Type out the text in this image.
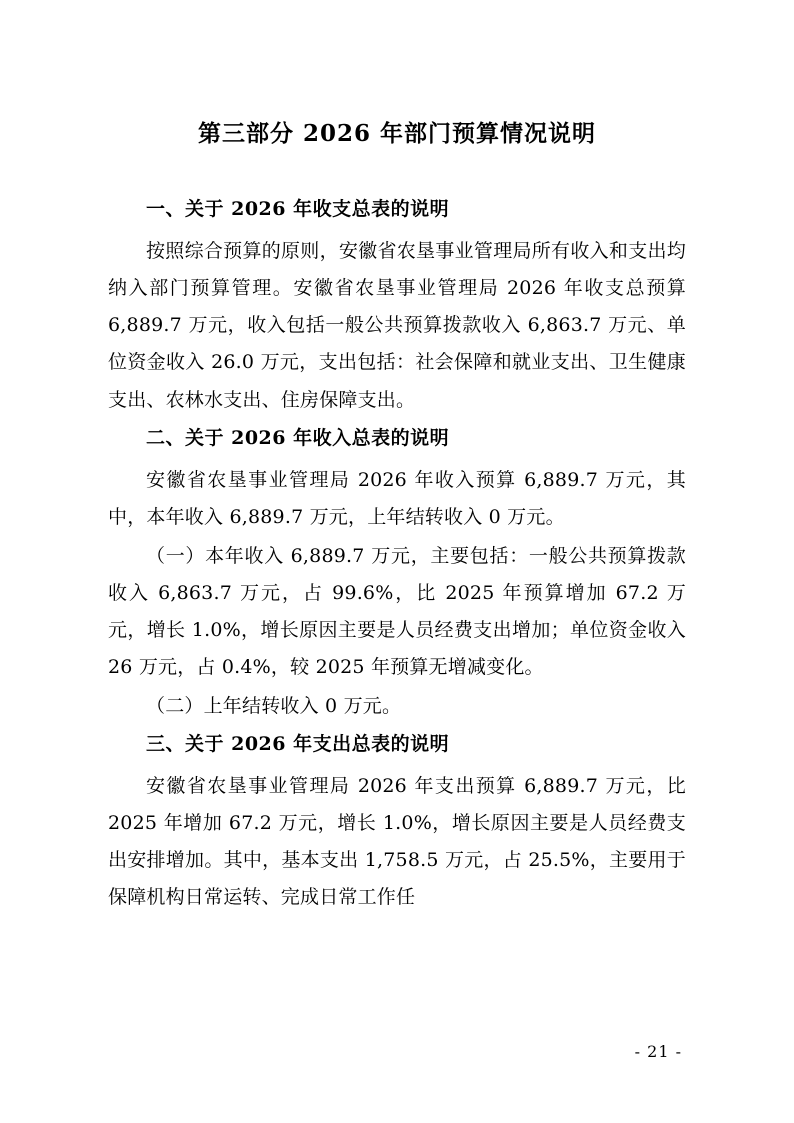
第三部分 2026 年部门预算情况说明
一、关于 2026 年收支总表的说明

按照综合预算的原则，安徽省农垦事业管理局所有收入和支出均纳入部门预算管理。安徽省农垦事业管理局 2026 年收支总预算 6,889.7 万元，收入包括一般公共预算拨款收入 6,863.7 万元、单位资金收入 26.0 万元，支出包括：社会保障和就业支出、卫生健康支出、农林水支出、住房保障支出。

二、关于 2026 年收入总表的说明

安徽省农垦事业管理局 2026 年收入预算 6,889.7 万元，其中，本年收入 6,889.7 万元，上年结转收入 0 万元。

（一）本年收入 6,889.7 万元，主要包括：一般公共预算拨款收入 6,863.7 万元，占 99.6%，比 2025 年预算增加 67.2 万元，增长 1.0%，增长原因主要是人员经费支出增加；单位资金收入 26 万元，占 0.4%，较 2025 年预算无增减变化。

（二）上年结转收入 0 万元。

三、关于 2026 年支出总表的说明

安徽省农垦事业管理局 2026 年支出预算 6,889.7 万元，比 2025 年增加 67.2 万元，增长 1.0%，增长原因主要是人员经费支出安排增加。其中，基本支出 1,758.5 万元，占 25.5%，主要用于保障机构日常运转、完成日常工作任

- 21 -
